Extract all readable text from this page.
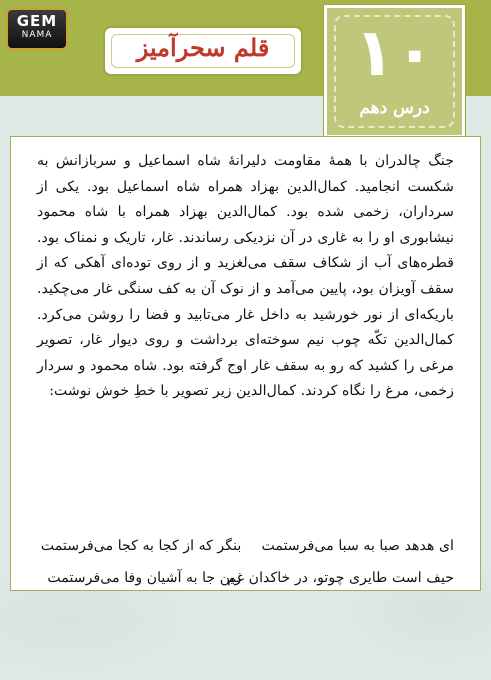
GEM
NAMA	قلم سحرآمیز	۱۰
درس دهم
جنگ چالدران با همهٔ مقاومت دلیرانهٔ شاه اسماعیل و سربازانش به شکست انجامید. کمال‌الدین بهزاد همراه شاه اسماعیل بود. یکی از سرداران، زخمی شده بود. کمال‌الدین بهزاد همراه با شاه محمود نیشابوری او را به غاری در آن نزدیکی رساندند. غار، تاریک و نمناک بود. قطره‌های آب از شکاف سقف می‌لغزید و از روی توده‌ای آهکی که از سقف آویزان بود، پایین می‌آمد و از نوک آن به کف سنگی غار می‌چکید. باریکه‌ای از نور خورشید به داخل غار می‌تابید و فضا را روشن می‌کرد. کمال‌الدین تکّه چوب نیم سوخته‌ای برداشت و روی دیوار غار، تصویر مرغی را کشید که رو به سقف غار اوج گرفته بود. شاه محمود و سردار زخمی، مرغ را نگاه کردند. کمال‌الدین زیر تصویر با خطِ خوش نوشت:
ای هدهد صبا به سبا می‌فرستمت
بنگر که از کجا به کجا می‌فرستمت
حیف است طایری چوتو، در خاکدان غم
زین جا به آشیان وفا می‌فرستمت
